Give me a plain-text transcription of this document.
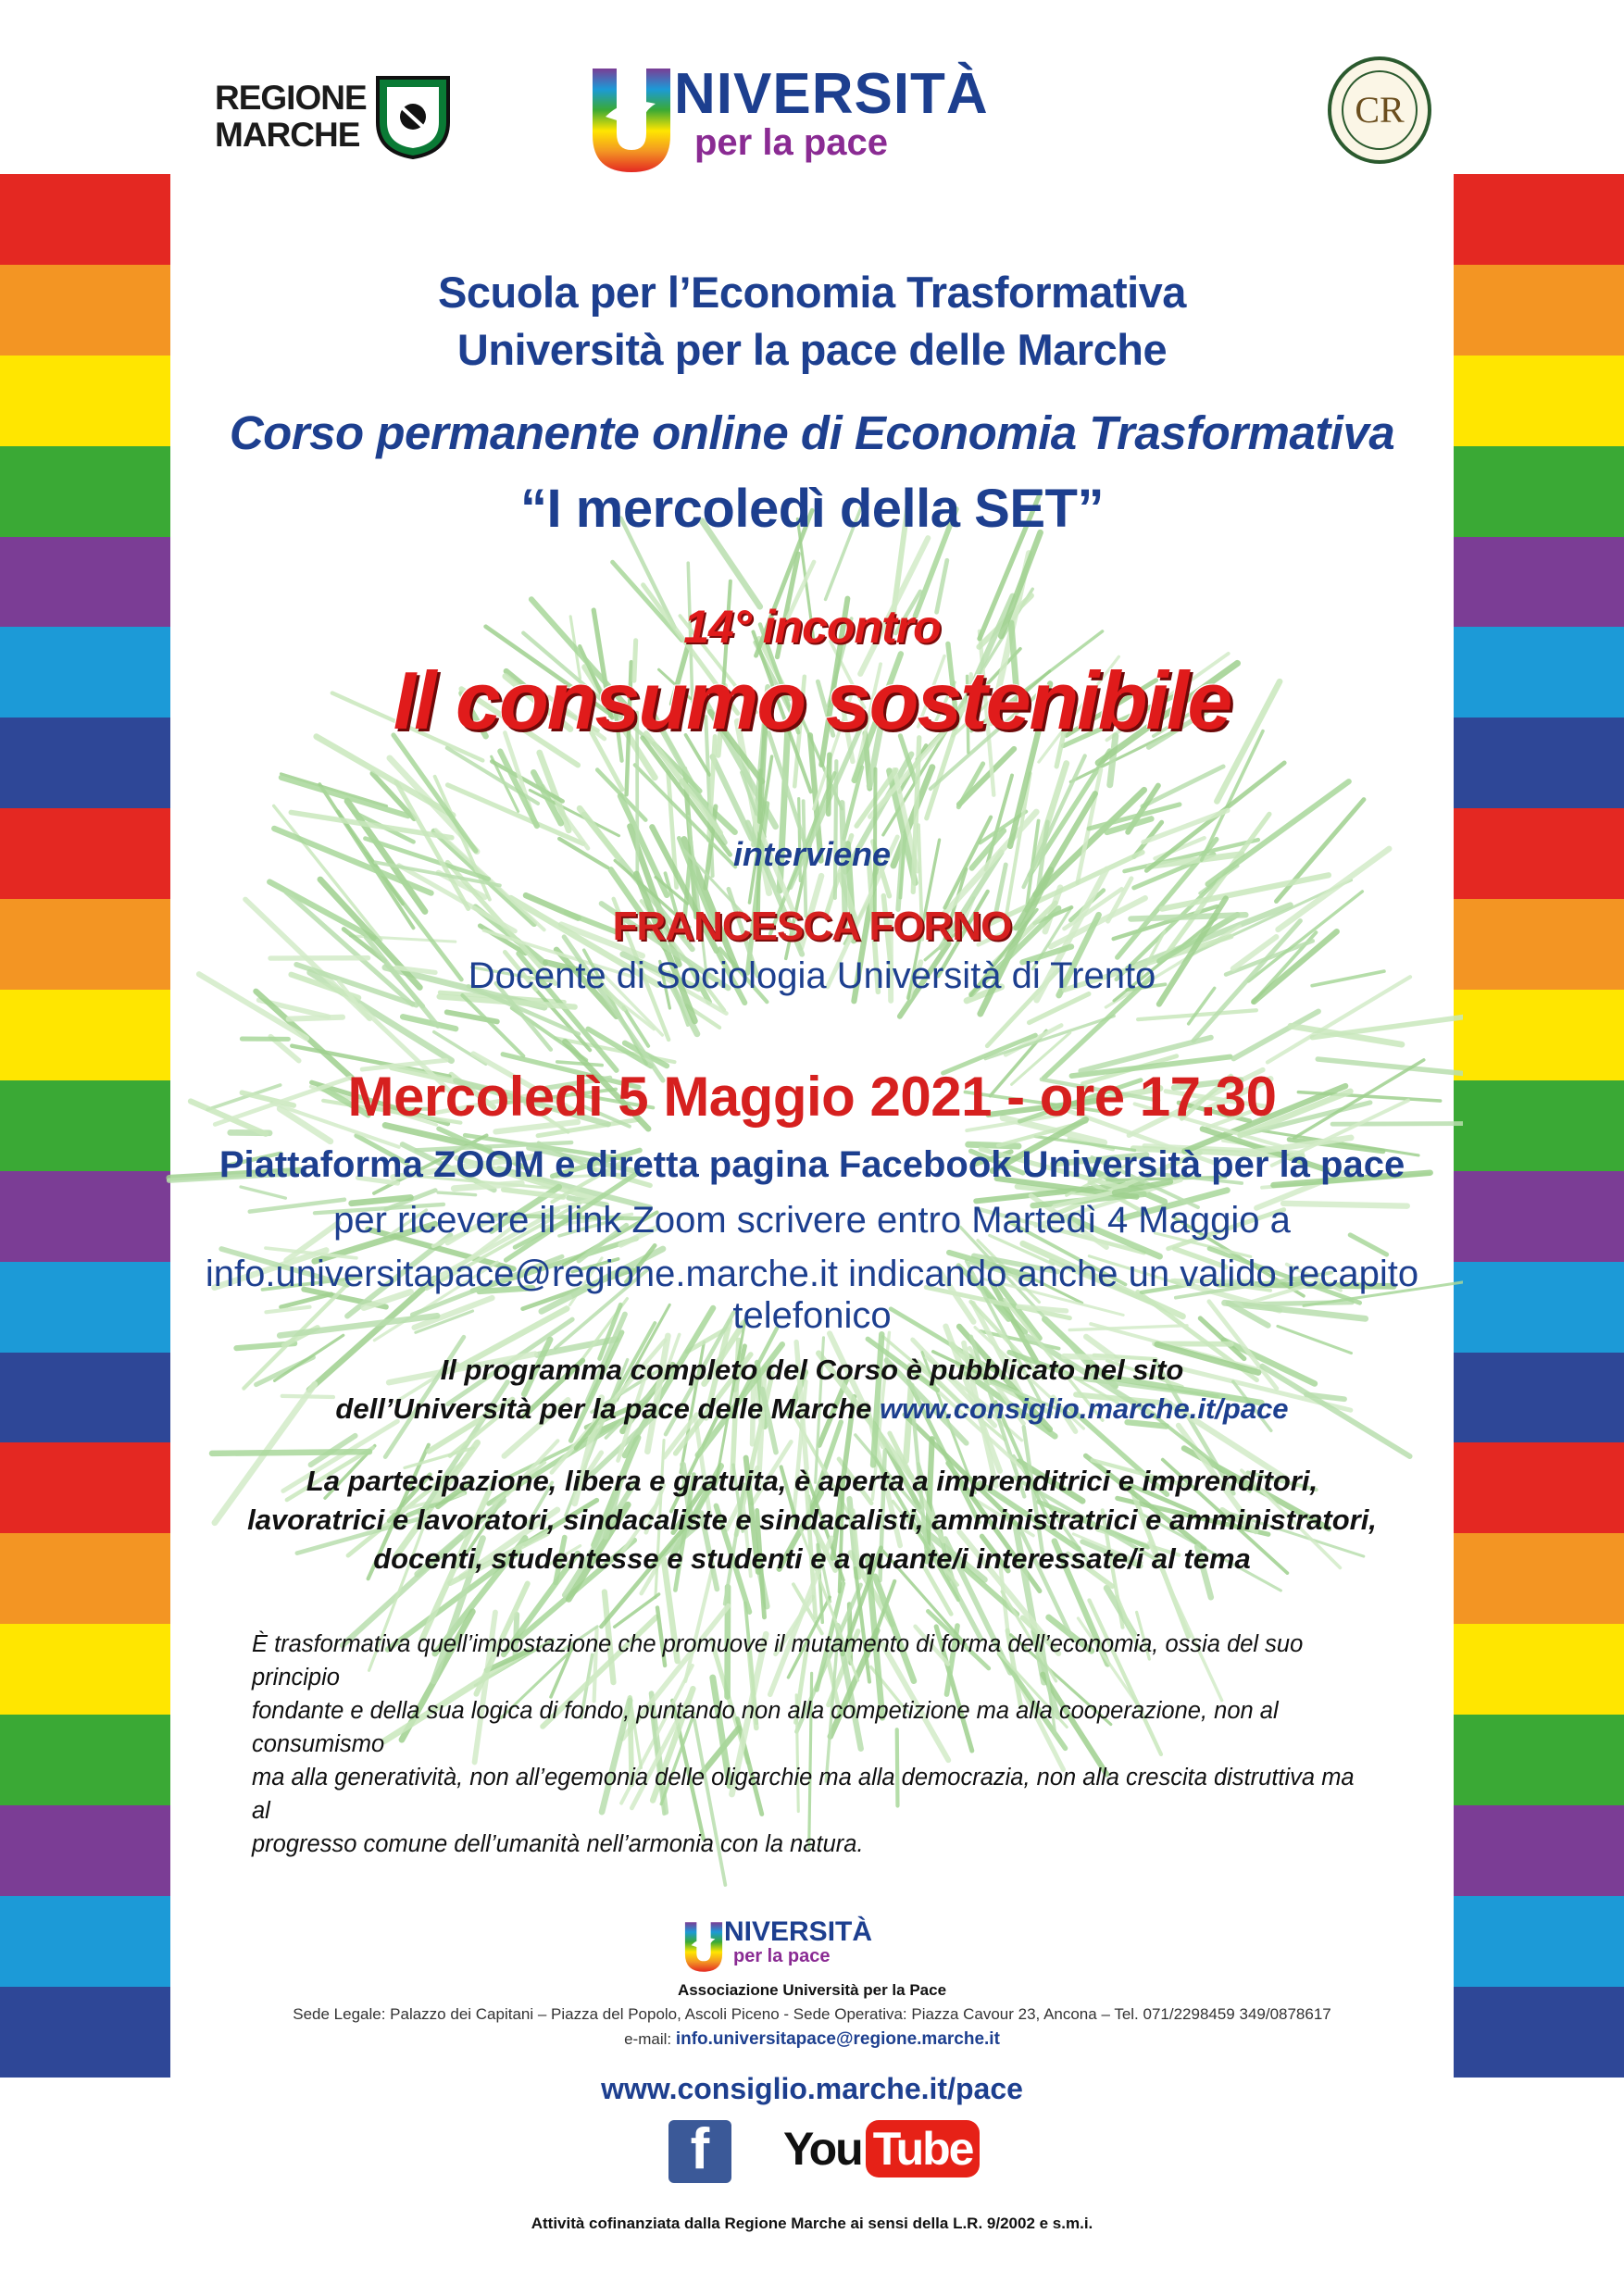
REGIONE
MARCHE

NIVERSITÀ
per la pace
CR
Scuola per l’Economia Trasformativa
Università per la pace delle Marche
Corso permanente online di Economia Trasformativa
“I mercoledì della SET”
14° incontro
Il consumo sostenibile
interviene
FRANCESCA FORNO
Docente di Sociologia Università di Trento
Mercoledì 5 Maggio 2021 - ore 17.30
Piattaforma ZOOM e diretta pagina Facebook Università per la pace
per ricevere il link Zoom scrivere entro Martedì 4 Maggio a
info.universitapace@regione.marche.it indicando anche un valido recapito telefonico
Il programma completo del Corso è pubblicato nel sito
dell’Università per la pace delle Marche www.consiglio.marche.it/pace
La partecipazione, libera e gratuita, è aperta a imprenditrici e imprenditori,
lavoratrici e lavoratori, sindacaliste e sindacalisti, amministratrici e amministratori,
docenti, studentesse e studenti e a quante/i interessate/i al tema
È trasformativa quell’impostazione che promuove il mutamento di forma dell’economia, ossia del suo principio
fondante e della sua logica di fondo, puntando non alla competizione ma alla cooperazione, non al consumismo
ma alla generatività, non all’egemonia delle oligarchie ma alla democrazia, non alla crescita distruttiva ma al
progresso comune dell’umanità nell’armonia con la natura.
NIVERSITÀ
per la pace
Associazione Università per la Pace
Sede Legale: Palazzo dei Capitani – Piazza del Popolo, Ascoli Piceno - Sede Operativa: Piazza Cavour 23, Ancona – Tel. 071/2298459 349/0878617
e-mail: info.universitapace@regione.marche.it
www.consiglio.marche.it/pace
f	You Tube
Attività cofinanziata dalla Regione Marche ai sensi della L.R. 9/2002 e s.m.i.
